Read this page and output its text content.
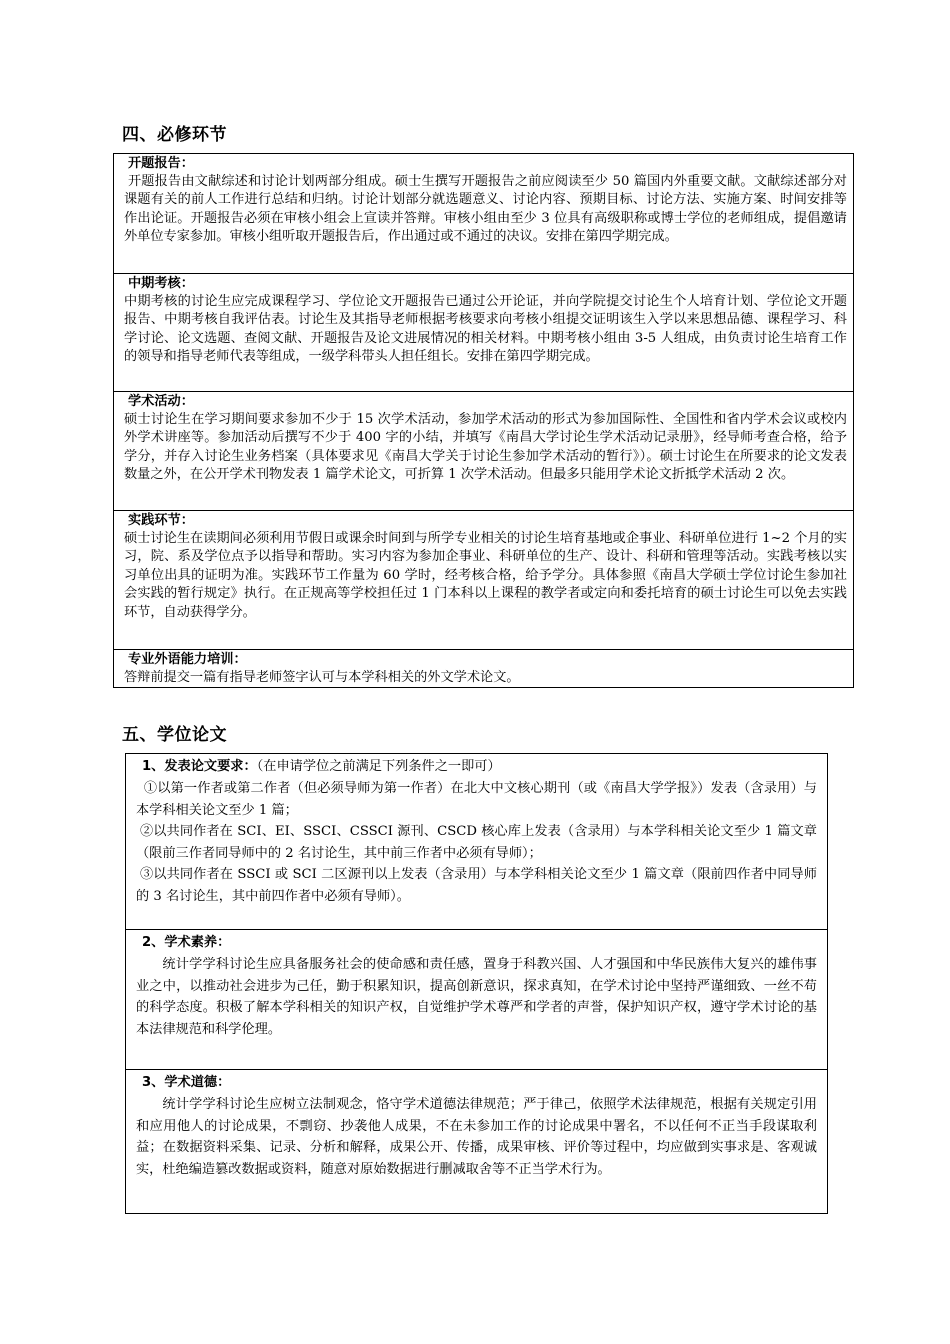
四、必修环节
开题报告：
开题报告由文献综述和讨论计划两部分组成。硕士生撰写开题报告之前应阅读至少 50 篇国内外重要文献。文献综述部分对课题有关的前人工作进行总结和归纳。讨论计划部分就选题意义、讨论内容、预期目标、讨论方法、实施方案、时间安排等作出论证。开题报告必须在审核小组会上宣读并答辩。审核小组由至少 3 位具有高级职称或博士学位的老师组成，提倡邀请外单位专家参加。审核小组听取开题报告后，作出通过或不通过的决议。安排在第四学期完成。
中期考核：
中期考核的讨论生应完成课程学习、学位论文开题报告已通过公开论证，并向学院提交讨论生个人培育计划、学位论文开题报告、中期考核自我评估表。讨论生及其指导老师根据考核要求向考核小组提交证明该生入学以来思想品德、课程学习、科学讨论、论文选题、查阅文献、开题报告及论文进展情况的相关材料。中期考核小组由 3-5 人组成，由负责讨论生培育工作的领导和指导老师代表等组成，一级学科带头人担任组长。安排在第四学期完成。
学术活动：
硕士讨论生在学习期间要求参加不少于 15 次学术活动，参加学术活动的形式为参加国际性、全国性和省内学术会议或校内外学术讲座等。参加活动后撰写不少于 400 字的小结，并填写《南昌大学讨论生学术活动记录册》，经导师考查合格，给予学分，并存入讨论生业务档案（具体要求见《南昌大学关于讨论生参加学术活动的暂行》）。硕士讨论生在所要求的论文发表数量之外，在公开学术刊物发表 1 篇学术论文，可折算 1 次学术活动。但最多只能用学术论文折抵学术活动 2 次。
实践环节：
硕士讨论生在读期间必须利用节假日或课余时间到与所学专业相关的讨论生培育基地或企事业、科研单位进行 1~2 个月的实习，院、系及学位点予以指导和帮助。实习内容为参加企事业、科研单位的生产、设计、科研和管理等活动。实践考核以实习单位出具的证明为准。实践环节工作量为 60 学时，经考核合格，给予学分。具体参照《南昌大学硕士学位讨论生参加社会实践的暂行规定》执行。在正规高等学校担任过 1 门本科以上课程的教学者或定向和委托培育的硕士讨论生可以免去实践环节，自动获得学分。
专业外语能力培训：
答辩前提交一篇有指导老师签字认可与本学科相关的外文学术论文。
五、学位论文
1、发表论文要求：（在申请学位之前满足下列条件之一即可）
①以第一作者或第二作者（但必须导师为第一作者）在北大中文核心期刊（或《南昌大学学报》）发表（含录用）与本学科相关论文至少 1 篇；
②以共同作者在 SCI、EI、SSCI、CSSCI 源刊、CSCD 核心库上发表（含录用）与本学科相关论文至少 1 篇文章（限前三作者同导师中的 2 名讨论生，其中前三作者中必须有导师）；
③以共同作者在 SSCI 或 SCI 二区源刊以上发表（含录用）与本学科相关论文至少 1 篇文章（限前四作者中同导师的 3 名讨论生，其中前四作者中必须有导师）。
2、学术素养：
统计学学科讨论生应具备服务社会的使命感和责任感，置身于科教兴国、人才强国和中华民族伟大复兴的雄伟事业之中，以推动社会进步为己任，勤于积累知识，提高创新意识，探求真知，在学术讨论中坚持严谨细致、一丝不苟的科学态度。积极了解本学科相关的知识产权，自觉维护学术尊严和学者的声誉，保护知识产权，遵守学术讨论的基本法律规范和科学伦理。
3、学术道德：
统计学学科讨论生应树立法制观念，恪守学术道德法律规范；严于律己，依照学术法律规范，根据有关规定引用和应用他人的讨论成果，不剽窃、抄袭他人成果，不在未参加工作的讨论成果中署名，不以任何不正当手段谋取利益；在数据资料采集、记录、分析和解释，成果公开、传播，成果审核、评价等过程中，均应做到实事求是、客观诚实，杜绝编造篡改数据或资料，随意对原始数据进行删减取舍等不正当学术行为。
